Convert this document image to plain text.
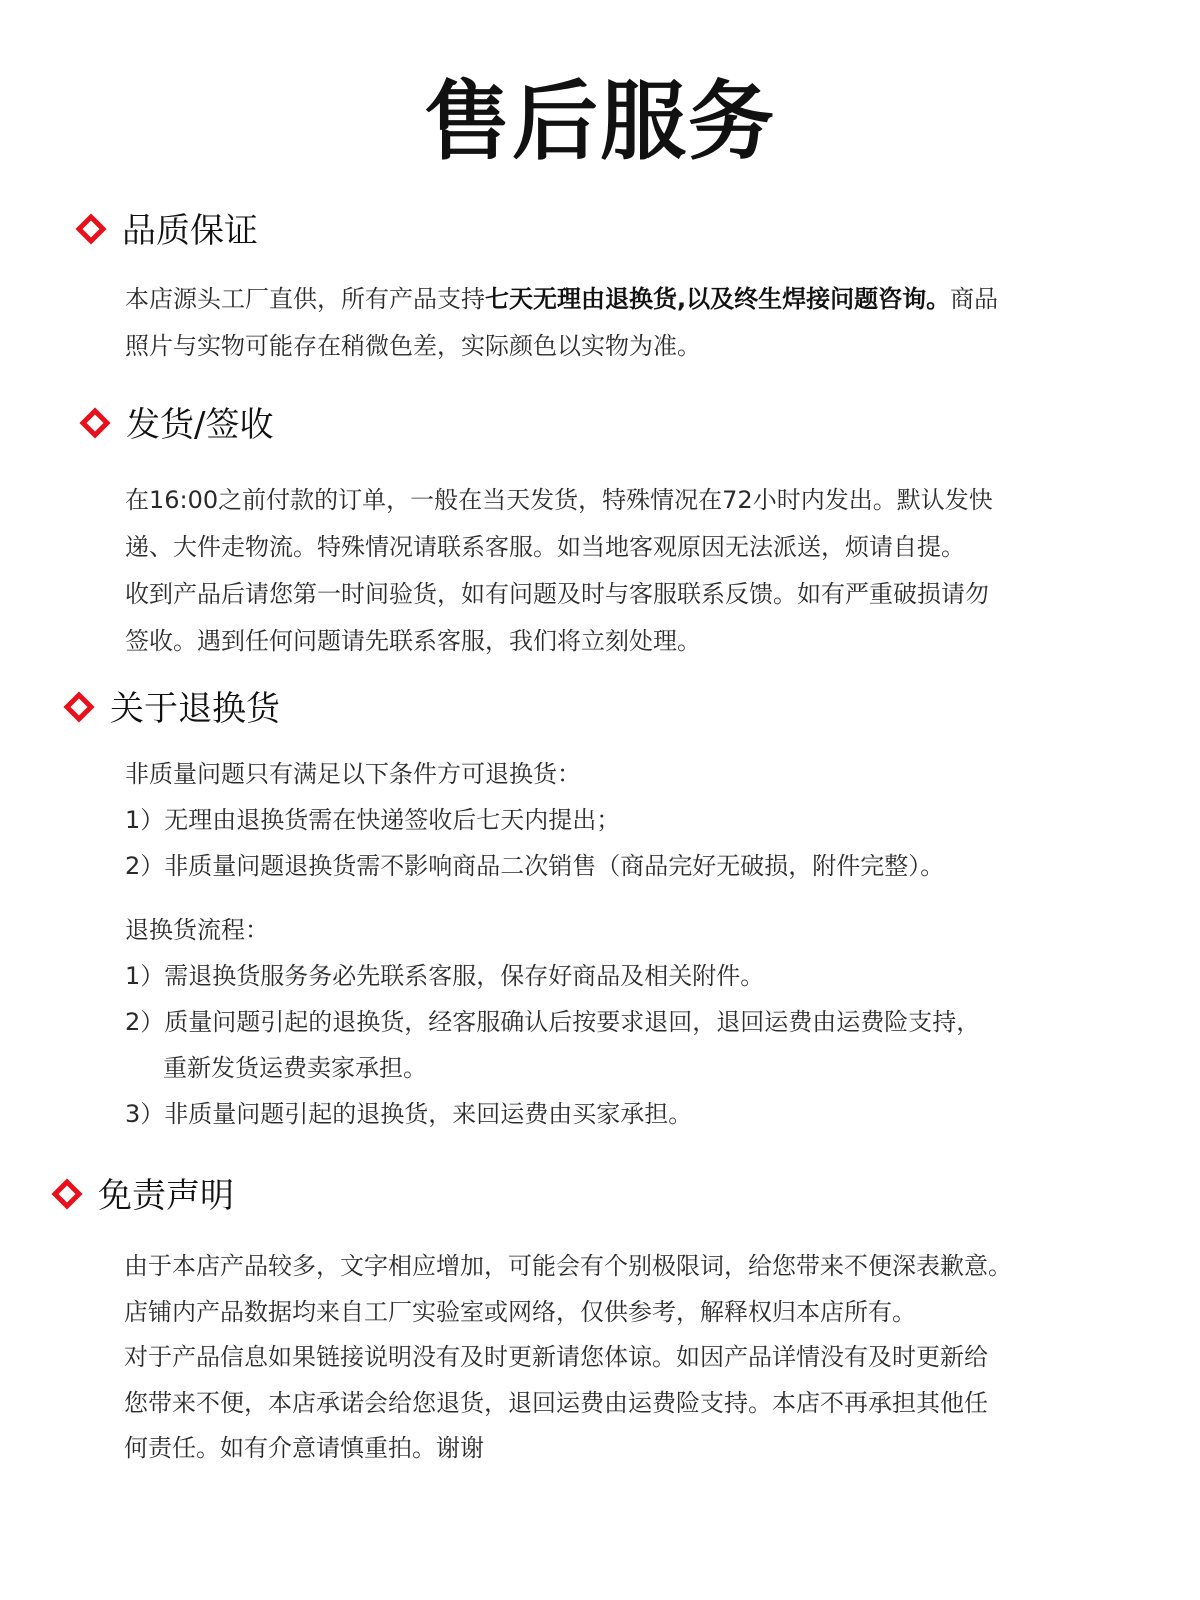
售后服务
品质保证
本店源头工厂直供，所有产品支持七天无理由退换货,以及终生焊接问题咨询。商品
照片与实物可能存在稍微色差，实际颜色以实物为准。
发货/签收
在16:00之前付款的订单，一般在当天发货，特殊情况在72小时内发出。默认发快
递、大件走物流。特殊情况请联系客服。如当地客观原因无法派送，烦请自提。
收到产品后请您第一时间验货，如有问题及时与客服联系反馈。如有严重破损请勿
签收。遇到任何问题请先联系客服，我们将立刻处理。
关于退换货
非质量问题只有满足以下条件方可退换货：
1）无理由退换货需在快递签收后七天内提出；
2）非质量问题退换货需不影响商品二次销售（商品完好无破损，附件完整）。
退换货流程：
1）需退换货服务务必先联系客服，保存好商品及相关附件。
2）质量问题引起的退换货，经客服确认后按要求退回，退回运费由运费险支持，
重新发货运费卖家承担。
3）非质量问题引起的退换货，来回运费由买家承担。
免责声明
由于本店产品较多，文字相应增加，可能会有个别极限词，给您带来不便深表歉意。
店铺内产品数据均来自工厂实验室或网络，仅供参考，解释权归本店所有。
对于产品信息如果链接说明没有及时更新请您体谅。如因产品详情没有及时更新给
您带来不便，本店承诺会给您退货，退回运费由运费险支持。本店不再承担其他任
何责任。如有介意请慎重拍。谢谢
